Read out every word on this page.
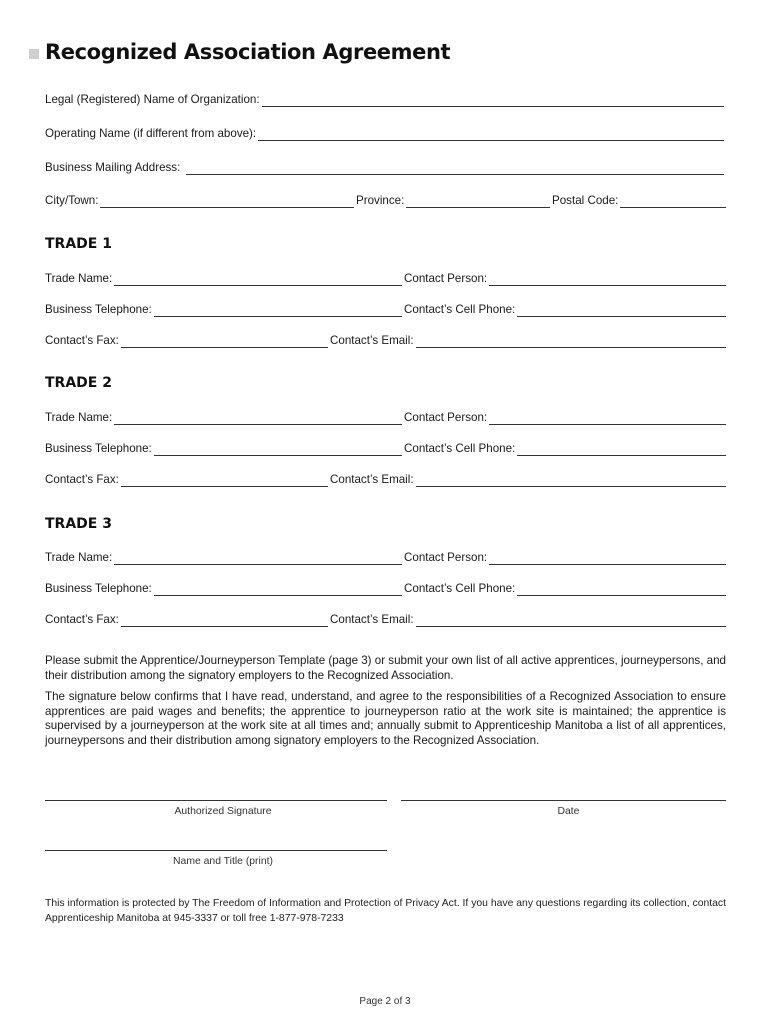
Recognized Association Agreement
Legal (Registered) Name of Organization:
Operating Name (if different from above):
Business Mailing Address:
City/Town:	Province:	Postal Code:
TRADE 1
Trade Name:	Contact Person:
Business Telephone:	Contact’s Cell Phone:
Contact’s Fax:	Contact’s Email:
TRADE 2
Trade Name:	Contact Person:
Business Telephone:	Contact’s Cell Phone:
Contact’s Fax:	Contact’s Email:
TRADE 3
Trade Name:	Contact Person:
Business Telephone:	Contact’s Cell Phone:
Contact’s Fax:	Contact’s Email:

Please submit the Apprentice/Journeyperson Template (page 3) or submit your own list of all active apprentices, journeypersons, and their distribution among the signatory employers to the Recognized Association.

The signature below confirms that I have read, understand, and agree to the responsibilities of a Recognized Association to ensure apprentices are paid wages and benefits; the apprentice to journeyperson ratio at the work site is maintained; the apprentice is supervised by a journeyperson at the work site at all times and; annually submit to Apprenticeship Manitoba a list of all apprentices, journeypersons and their distribution among signatory employers to the Recognized Association.

Authorized Signature	Date
Name and Title (print)

This information is protected by The Freedom of Information and Protection of Privacy Act. If you have any questions regarding its collection, contact Apprenticeship Manitoba at 945-3337 or toll free 1-877-978-7233

Page 2 of 3
